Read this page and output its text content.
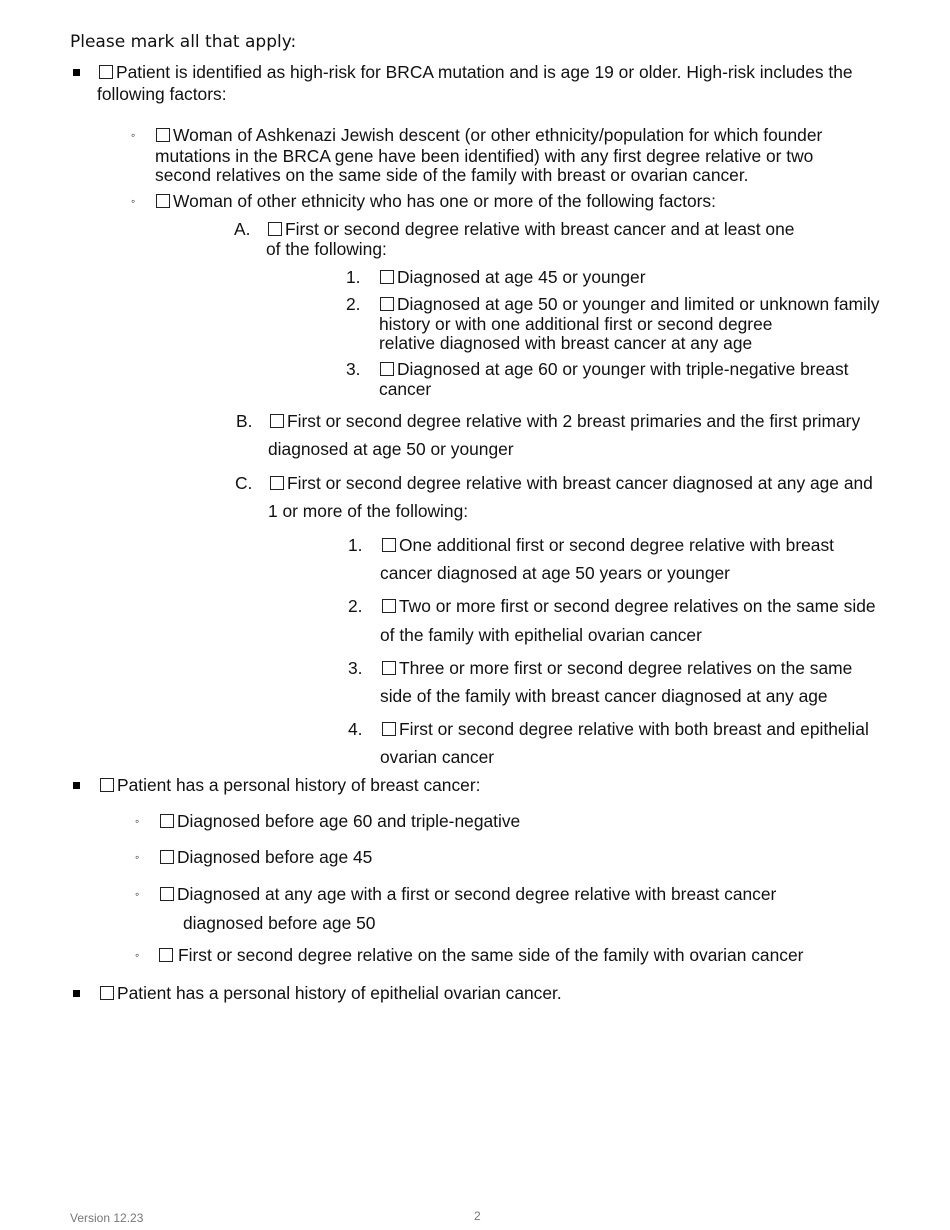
Please mark all that apply:
Patient is identified as high-risk for BRCA mutation and is age 19 or older. High-risk includes the
following factors:
◦	Woman of Ashkenazi Jewish descent (or other ethnicity/population for which founder
mutations in the BRCA gene have been identified) with any first degree relative or two
second relatives on the same side of the family with breast or ovarian cancer.
◦	Woman of other ethnicity who has one or more of the following factors:
A.	First or second degree relative with breast cancer and at least one
of the following:
1.	Diagnosed at age 45 or younger
2.	Diagnosed at age 50 or younger and limited or unknown family
history or with one additional first or second degree
relative diagnosed with breast cancer at any age
3.	Diagnosed at age 60 or younger with triple-negative breast
cancer
B.	First or second degree relative with 2 breast primaries and the first primary
diagnosed at age 50 or younger
C.	First or second degree relative with breast cancer diagnosed at any age and
1 or more of the following:
1.	One additional first or second degree relative with breast
cancer diagnosed at age 50 years or younger
2.	Two or more first or second degree relatives on the same side
of the family with epithelial ovarian cancer
3.	Three or more first or second degree relatives on the same
side of the family with breast cancer diagnosed at any age
4.	First or second degree relative with both breast and epithelial
ovarian cancer
Patient has a personal history of breast cancer:
◦	Diagnosed before age 60 and triple-negative
◦	Diagnosed before age 45
◦	Diagnosed at any age with a first or second degree relative with breast cancer
diagnosed before age 50
◦	First or second degree relative on the same side of the family with ovarian cancer
Patient has a personal history of epithelial ovarian cancer.
Version 12.23	2
